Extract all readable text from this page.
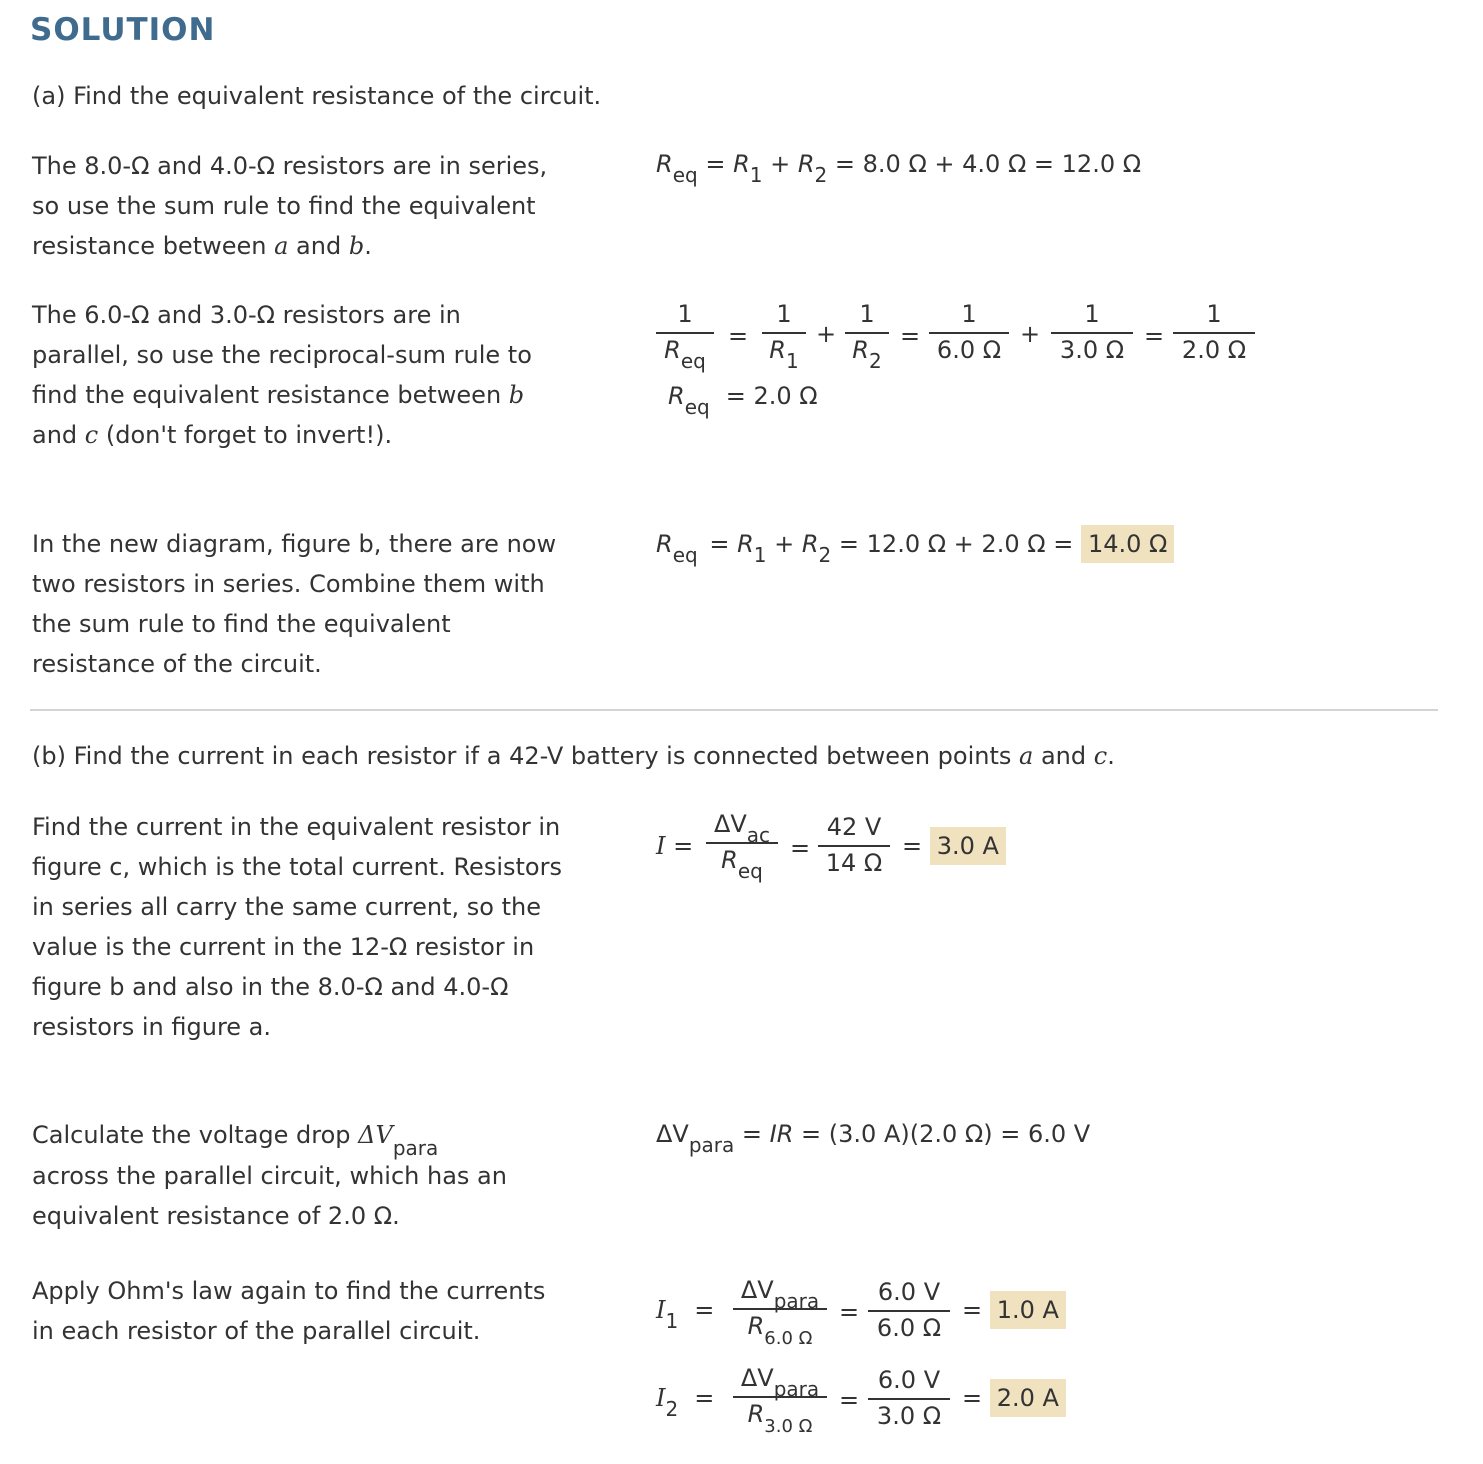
SOLUTION
(a) Find the equivalent resistance of the circuit.
The 8.0-Ω and 4.0-Ω resistors are in series, so use the sum rule to find the equivalent resistance between a and b.
$R_{eq} = R_1 + R_2 = 8.0$ Ω + 4.0 Ω = 12.0 Ω
The 6.0-Ω and 3.0-Ω resistors are in parallel, so use the reciprocal-sum rule to find the equivalent resistance between b and c (don't forget to invert!).
1
$R_{eq}$
= $\frac{1}{R_1} + \frac{1}{R_2} = \frac{1}{6.0 \Omega} + \frac{1}{3.0 \Omega} = \frac{1}{2.0 \Omega}$
$R_{eq} = 2.0$ Ω
In the new diagram, figure b, there are now two resistors in series. Combine them with the sum rule to find the equivalent resistance of the circuit.
$R_{eq} = R_1 + R_2 = 12.0$ Ω + 2.0 Ω = 14.0 Ω
(b) Find the current in each resistor if a 42-V battery is connected between points a and c.
Find the current in the equivalent resistor in figure c, which is the total current. Resistors in series all carry the same current, so the value is the current in the 12-Ω resistor in figure b and also in the 8.0-Ω and 4.0-Ω resistors in figure a.
I =
$\Delta V_{ac}$
$R_{eq}$
= $\frac{42 V}{14 \Omega} = 3.0$ A
Calculate the voltage drop $\Delta V_{para}$
across the parallel circuit, which has an equivalent resistance of 2.0 Ω.
$\Delta V_{para}$ = IR = (3.0 A)(2.0 Ω) = 6.0 V
Apply Ohm's law again to find the currents in each resistor of the parallel circuit.
$I_1$ =
$\Delta V_{para}$
$R_{6.0 \Omega}$
= $\frac{6.0 V}{6.0 \Omega} = 1.0$ A
$I_2$ =
$\Delta V_{para}$
$R_{3.0 \Omega}$
= $\frac{6.0 V}{3.0 \Omega} = 2.0$ A
